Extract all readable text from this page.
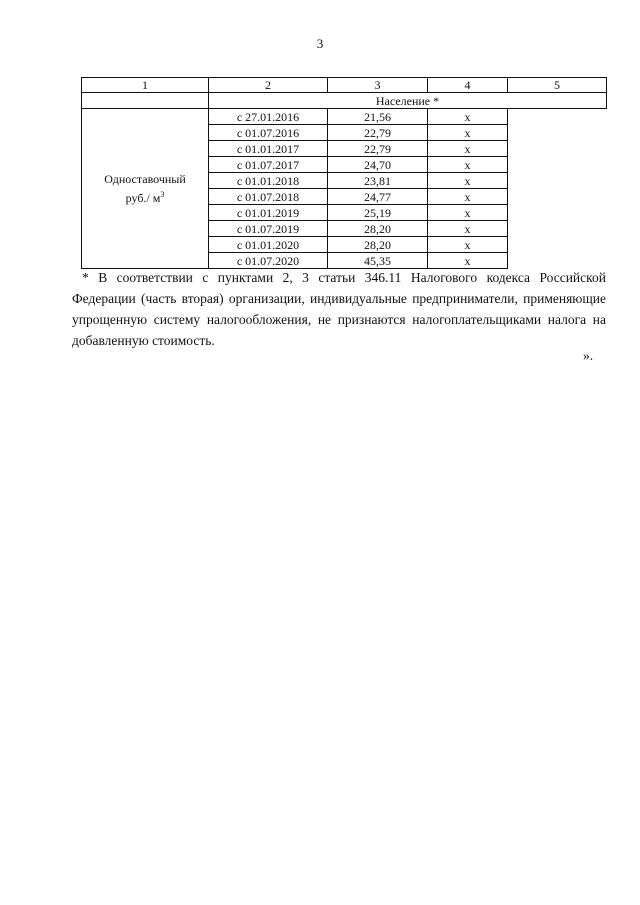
3
1	2	3	4	5
	Население *			
Одноставочный
руб./ $м^3$	с 27.01.2016	21,56	х	
	с 01.07.2016	22,79	х	
	с 01.01.2017	22,79	х	
	с 01.07.2017	24,70	х	
	с 01.01.2018	23,81	х	
	с 01.07.2018	24,77	х	
	с 01.01.2019	25,19	х	
	с 01.07.2019	28,20	х	
	с 01.01.2020	28,20	х	
	с 01.07.2020	45,35	х	
* В соответствии с пунктами 2, 3 статьи 346.11 Налогового кодекса Российской Федерации (часть вторая) организации, индивидуальные предприниматели, применяющие упрощенную систему налогообложения, не признаются налогоплательщиками налога на добавленную стоимость.
».
